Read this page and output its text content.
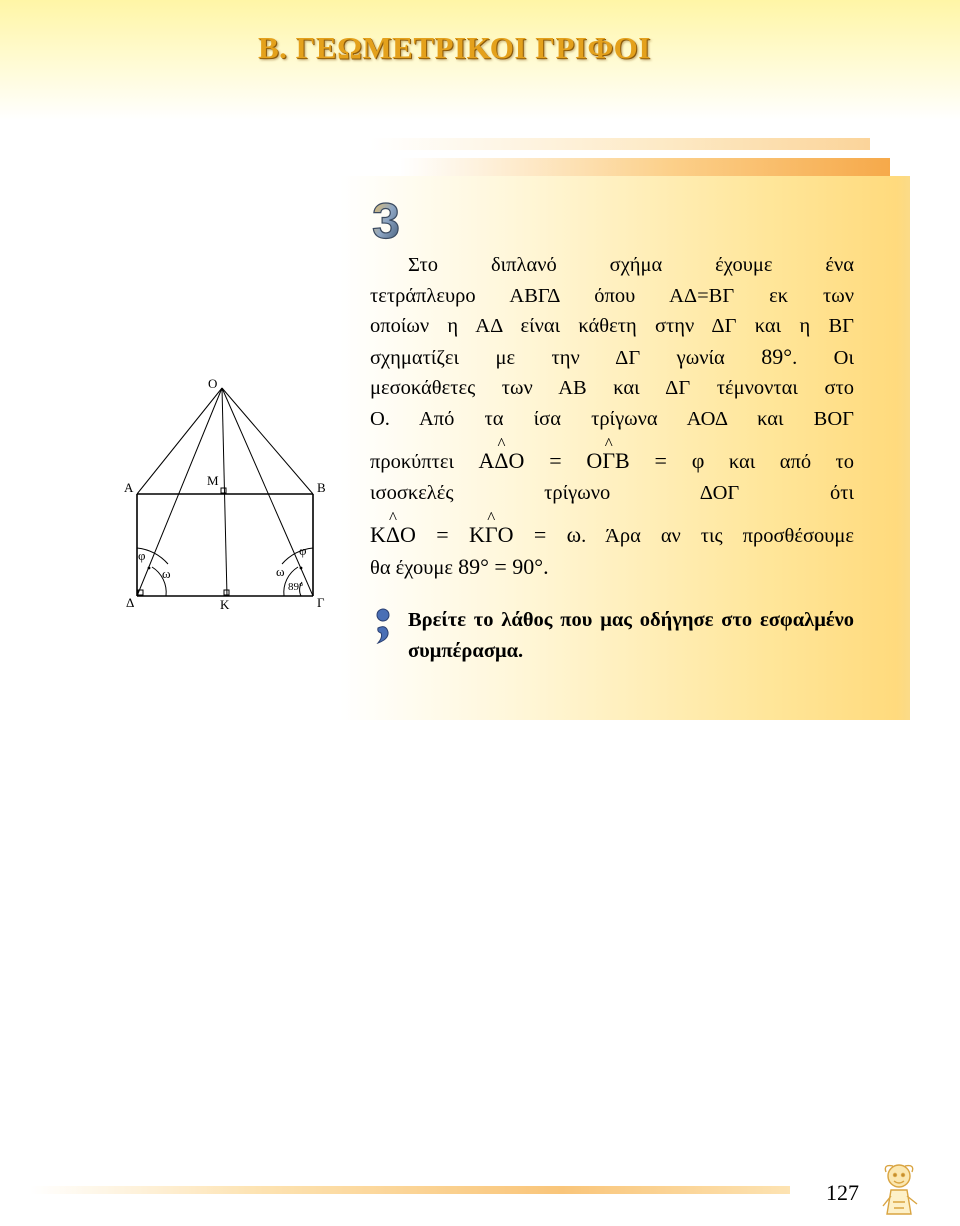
Β. ΓΕΩΜΕΤΡΙΚΟΙ ΓΡΙΦΟΙ
3
Στο διπλανό σχήμα έχουμε ένα
τετράπλευρο ΑΒΓΔ όπου ΑΔ=ΒΓ εκ των
οποίων η ΑΔ είναι κάθετη στην ΔΓ και η ΒΓ
σχηματίζει με την ΔΓ γωνία 89°. Οι
μεσοκάθετες των ΑΒ και ΔΓ τέμνονται στο
Ο. Από τα ίσα τρίγωνα ΑΟΔ και ΒΟΓ
προκύπτει Α^ ΔΟ = Ο^ ΓΒ = φ και από το
ισοσκελές τρίγωνο ΔΟΓ ότι
Κ^ ΔΟ = Κ^ ΓΟ = ω. Άρα αν τις προσθέσουμε
θα έχουμε 89° = 90°.
Βρείτε το λάθος που μας οδήγησε στο εσφαλμένο συμπέρασμα.
Ο
Α	Β
Μ
Δ	Κ	Γ
φ
ω
φ
ω
89°
127
